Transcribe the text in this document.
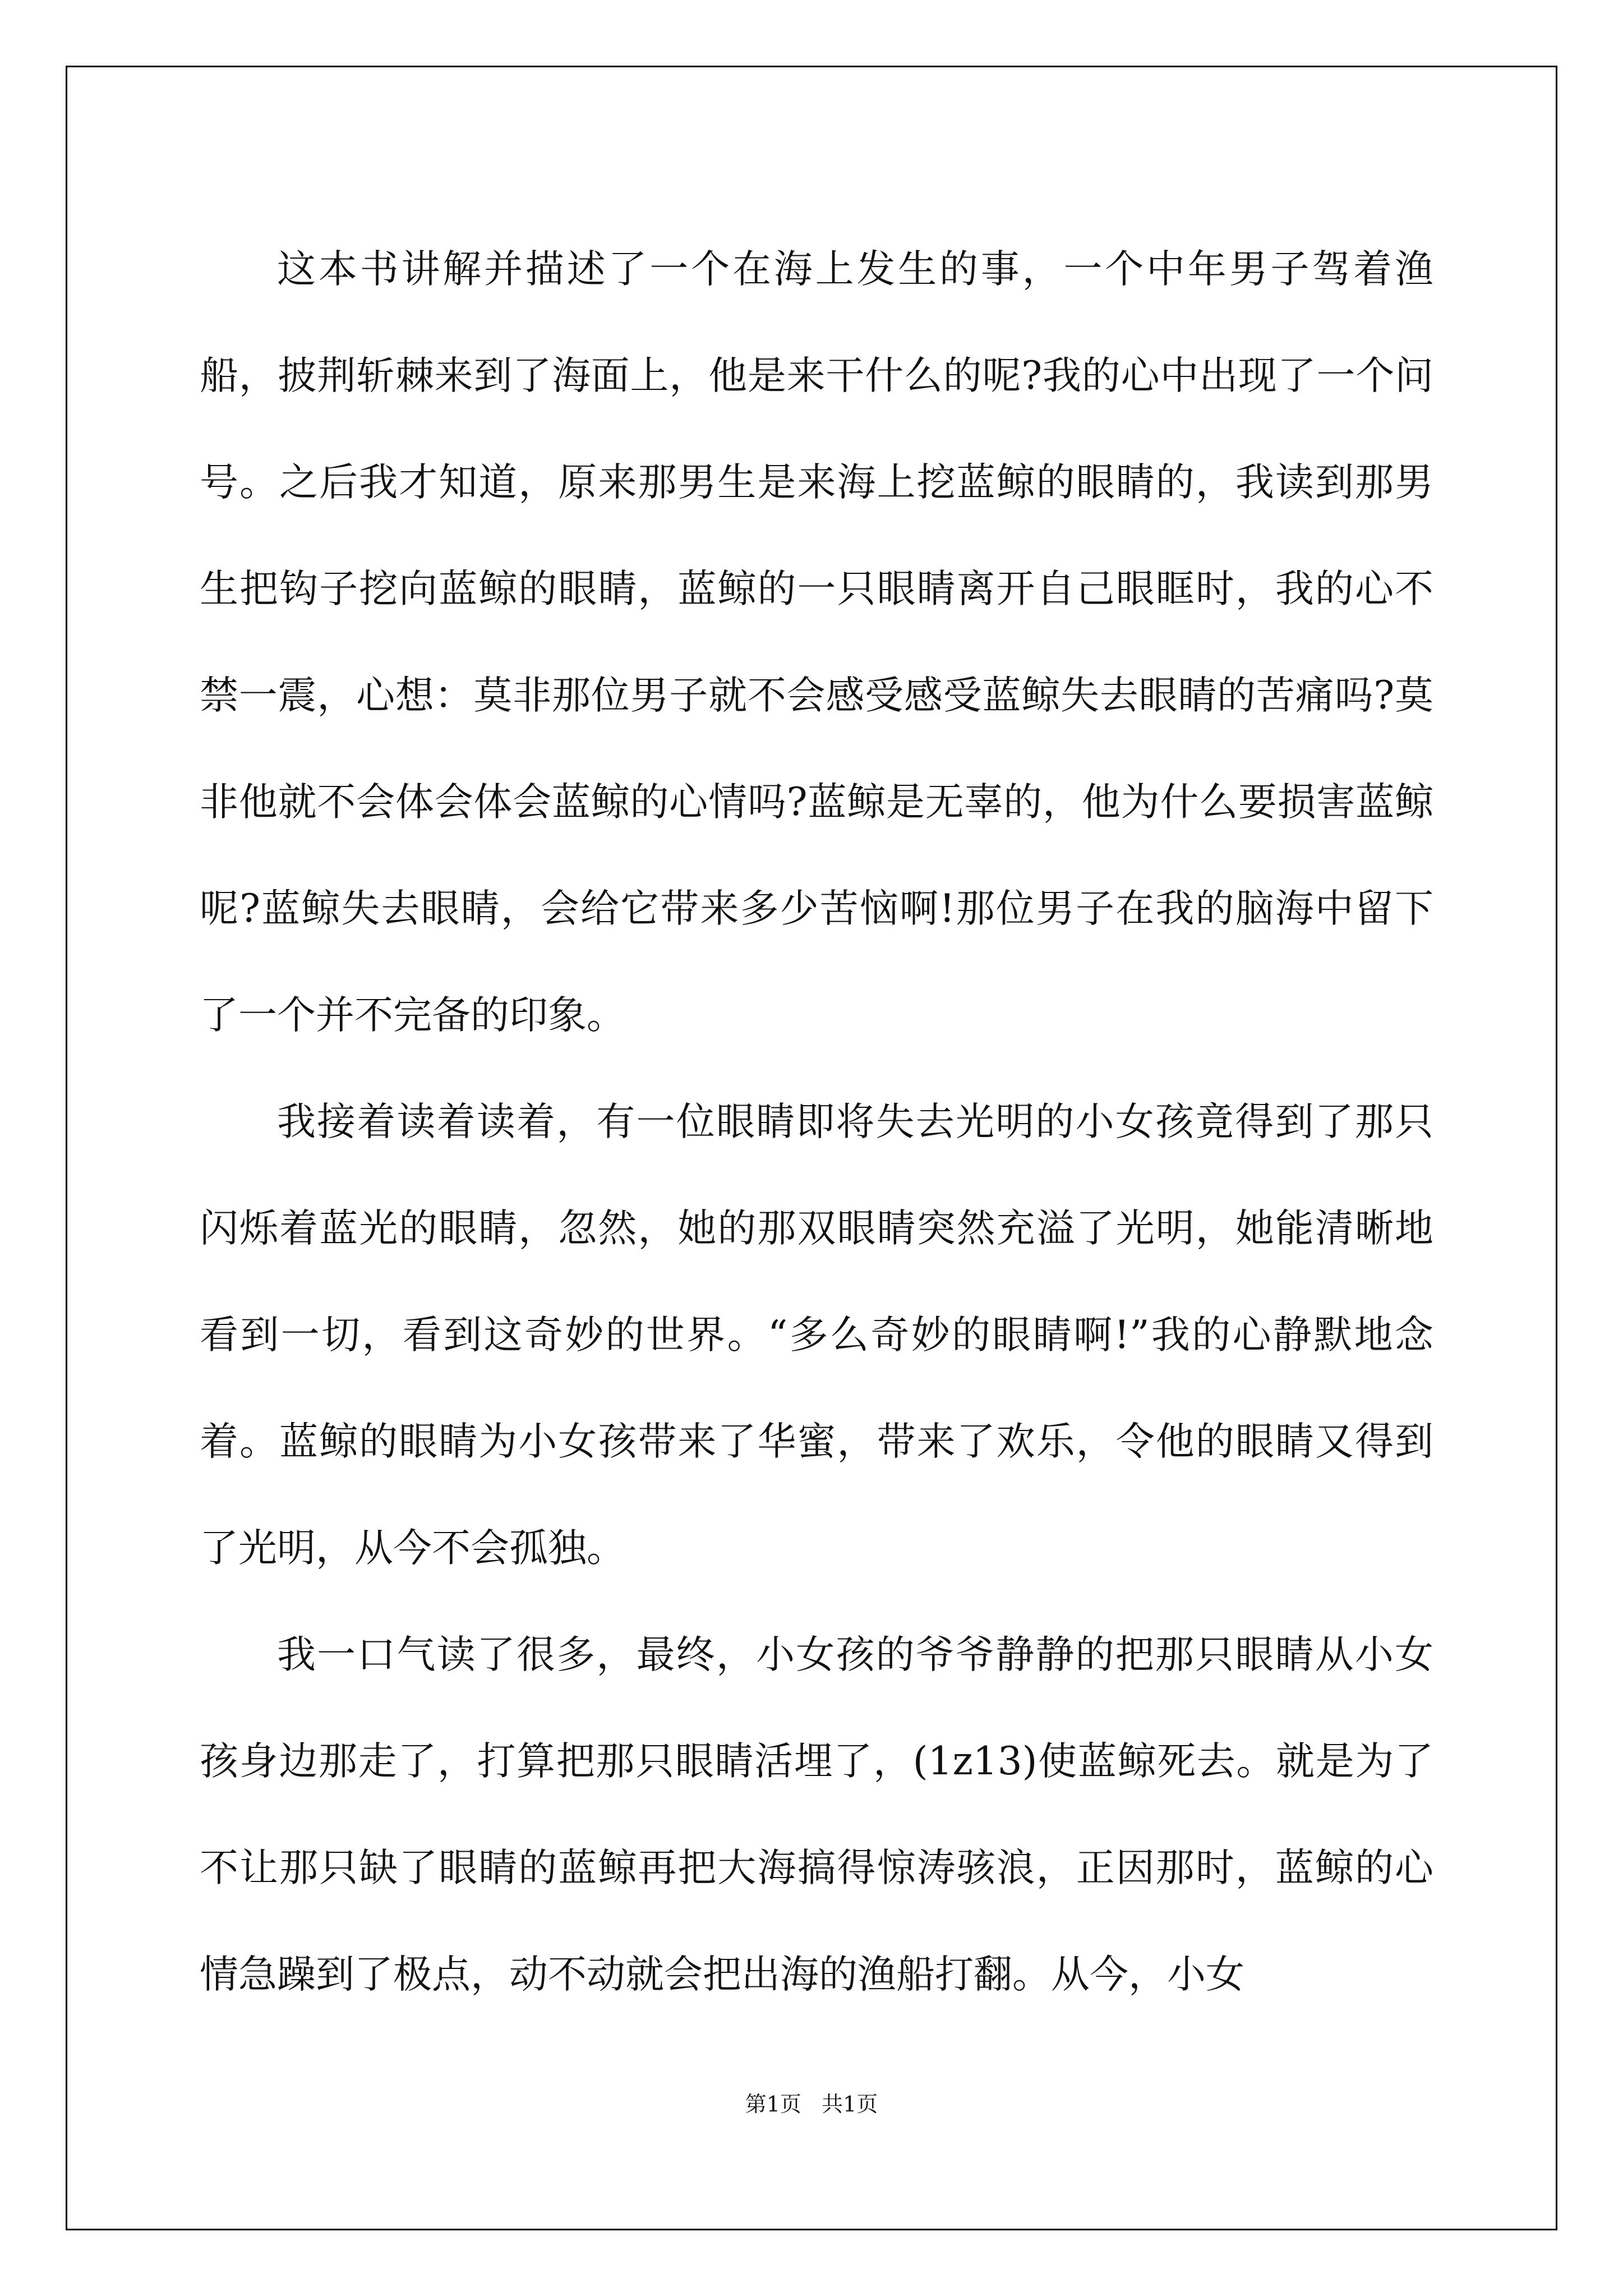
这本书讲解并描述了一个在海上发生的事，一个中年男子驾着渔船，披荆斩棘来到了海面上，他是来干什么的呢?我的心中出现了一个问号。之后我才知道，原来那男生是来海上挖蓝鲸的眼睛的，我读到那男生把钩子挖向蓝鲸的眼睛，蓝鲸的一只眼睛离开自己眼眶时，我的心不禁一震，心想：莫非那位男子就不会感受感受蓝鲸失去眼睛的苦痛吗?莫非他就不会体会体会蓝鲸的心情吗?蓝鲸是无辜的，他为什么要损害蓝鲸呢?蓝鲸失去眼睛，会给它带来多少苦恼啊!那位男子在我的脑海中留下了一个并不完备的印象。

我接着读着读着，有一位眼睛即将失去光明的小女孩竟得到了那只闪烁着蓝光的眼睛，忽然，她的那双眼睛突然充溢了光明，她能清晰地看到一切，看到这奇妙的世界。“多么奇妙的眼睛啊!”我的心静默地念着。蓝鲸的眼睛为小女孩带来了华蜜，带来了欢乐，令他的眼睛又得到了光明，从今不会孤独。

我一口气读了很多，最终，小女孩的爷爷静静的把那只眼睛从小女孩身边那走了，打算把那只眼睛活埋了，(1z13)使蓝鲸死去。就是为了不让那只缺了眼睛的蓝鲸再把大海搞得惊涛骇浪，正因那时，蓝鲸的心情急躁到了极点，动不动就会把出海的渔船打翻。从今，小女

第1页   共1页
